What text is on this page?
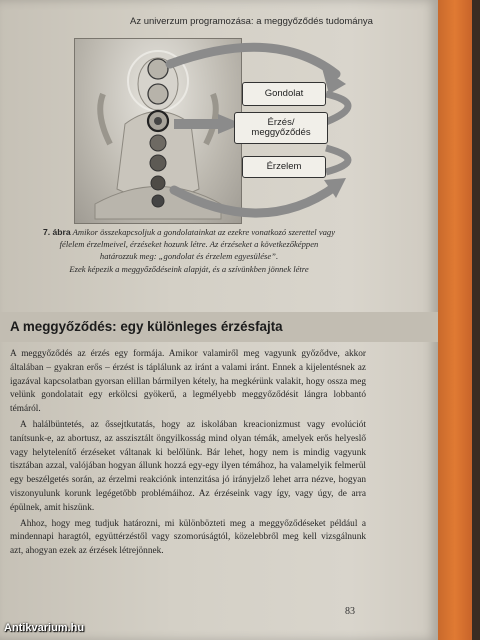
Az univerzum programozása: a meggyőződés tudománya
Gondolat
Érzés/
meggyőződés
Érzelem
7. ábra Amikor összekapcsoljuk a gondolatainkat az ezekre vonatkozó szerettel vagy
félelem érzelmeivel, érzéseket hozunk létre. Az érzéseket a következőképpen
határozzuk meg: „gondolat és érzelem egyesülése”.
Ezek képezik a meggyőződéseink alapját, és a szívünkben jönnek létre
A meggyőződés: egy különleges érzésfajta

A meggyőződés az érzés egy formája. Amikor valamiről meg vagyunk győződve, akkor általában – gyakran erős – érzést is táplálunk az iránt a valami iránt. Ennek a kijelentésnek az igazával kapcsolatban gyorsan elillan bármilyen kétely, ha megkérünk valakit, hogy ossza meg velünk gondolatait egy erkölcsi gyökerű, a legmélyebb meggyőződésit lángra lobbantó témáról.

A halálbüntetés, az őssejtkutatás, hogy az iskolában kreacionizmust vagy evolúciót tanítsunk-e, az abortusz, az asszisztált öngyilkosság mind olyan témák, amelyek erős helyeslő vagy helytelenítő érzéseket váltanak ki belőlünk. Bár lehet, hogy nem is mindig vagyunk tisztában azzal, valójában hogyan állunk hozzá egy-egy ilyen témához, ha valamelyik felmerül egy beszélgetés során, az érzelmi reakciónk intenzitása jó irányjelző lehet arra nézve, hogyan viszonyulunk korunk legégetőbb problémáihoz. Az érzéseink vagy így, vagy úgy, de arra épülnek, amit hiszünk.

Ahhoz, hogy meg tudjuk határozni, mi különbözteti meg a meggyőződéseket például a mindennapi haragtól, együttérzéstől vagy szomorúságtól, közelebbről meg kell vizsgálnunk azt, ahogyan ezek az érzések létrejönnek.

83
Antikvarium.hu
